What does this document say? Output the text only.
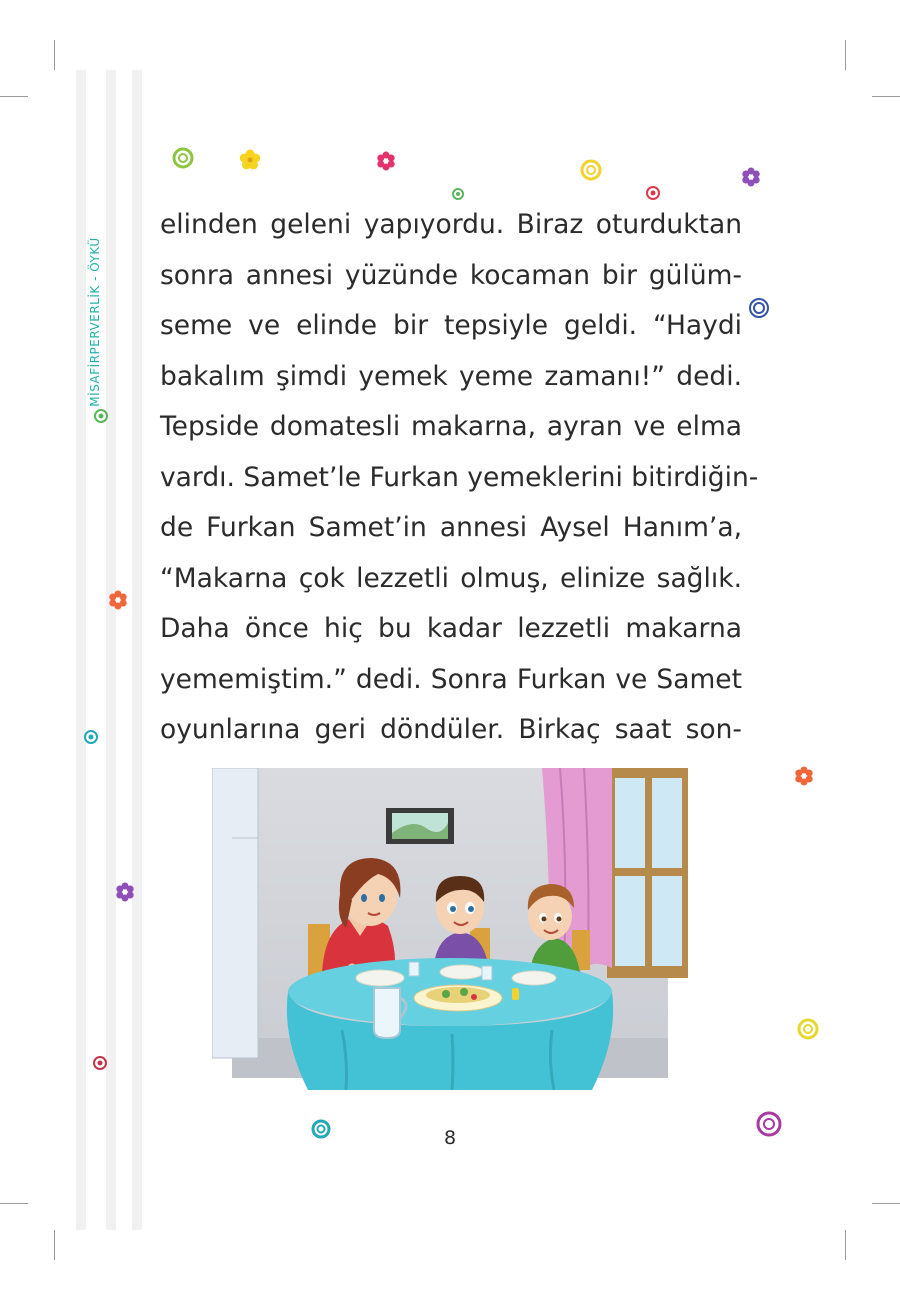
MİSAFİRPERVERLİK - ÖYKÜ
elinden geleni yapıyordu. Biraz oturduktan
sonra annesi yüzünde kocaman bir gülüm-
seme ve elinde bir tepsiyle geldi. “Haydi
bakalım şimdi yemek yeme zamanı!” dedi.
Tepside domatesli makarna, ayran ve elma
vardı. Samet’le Furkan yemeklerini bitirdiğin-
de Furkan Samet’in annesi Aysel Hanım’a,
“Makarna çok lezzetli olmuş, elinize sağlık.
Daha önce hiç bu kadar lezzetli makarna
yememiştim.” dedi. Sonra Furkan ve Samet
oyunlarına geri döndüler. Birkaç saat son-
8
